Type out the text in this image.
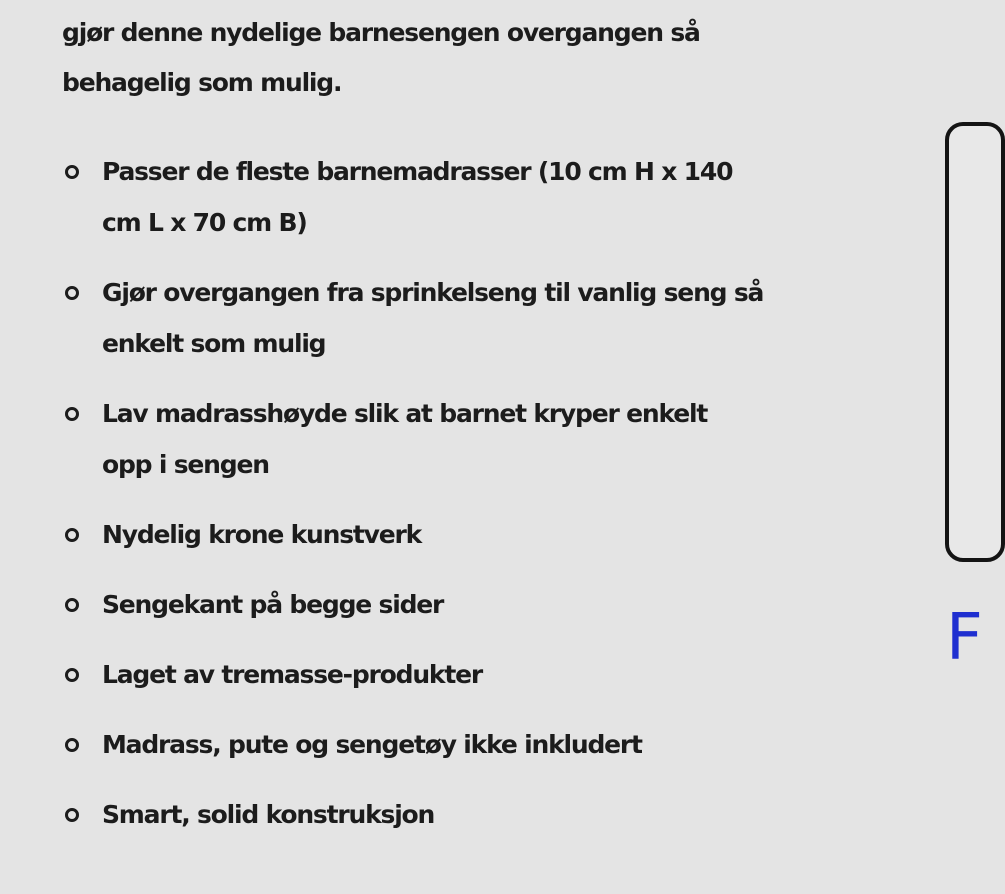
gjør denne nydelige barnesengen overgangen så
behagelig som mulig.

Passer de fleste barnemadrasser (10 cm H x 140
cm L x 70 cm B)
Gjør overgangen fra sprinkelseng til vanlig seng så
enkelt som mulig
Lav madrasshøyde slik at barnet kryper enkelt
opp i sengen
Nydelig krone kunstverk
Sengekant på begge sider
Laget av tremasse-produkter
Madrass, pute og sengetøy ikke inkludert
Smart, solid konstruksjon
F
